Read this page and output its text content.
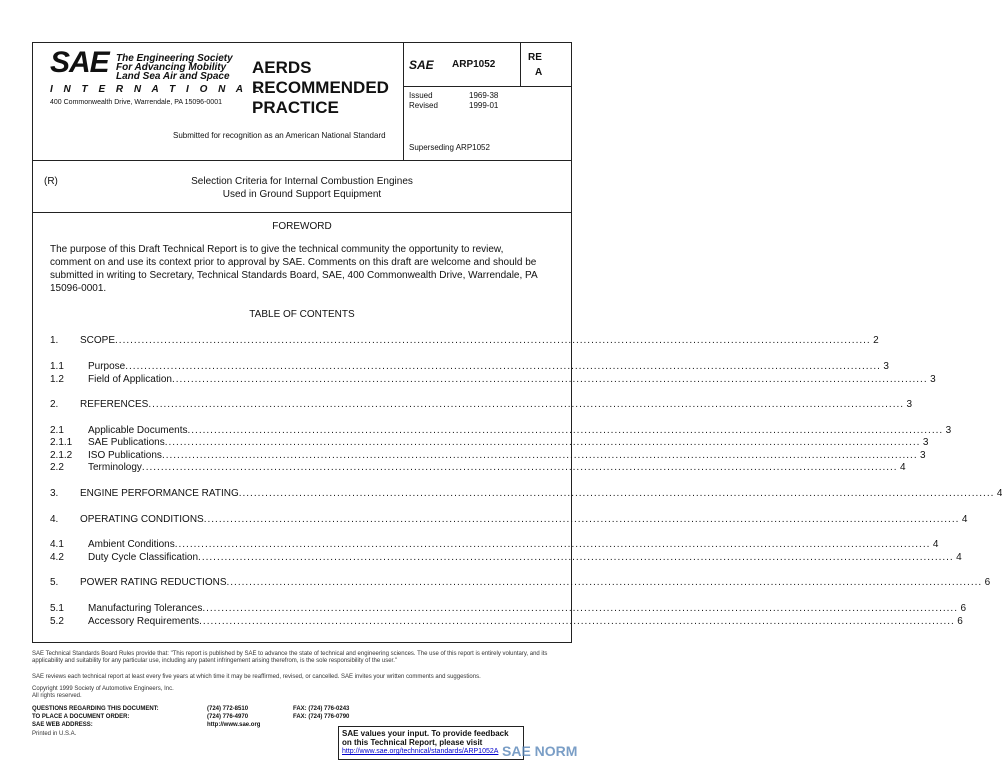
SAE The Engineering Society
For Advancing Mobility
Land Sea Air and Space
I N T E R N A T I O N A L
400 Commonwealth Drive, Warrendale, PA 15096-0001
AERDS
RECOMMENDED
PRACTICE
Submitted for recognition as an American National Standard
SAE ARP1052
RE
A
Issued	1969-38
Revised	1999-01
Superseding ARP1052
(R)	Selection Criteria for Internal Combustion Engines
Used in Ground Support Equipment
FOREWORD
The purpose of this Draft Technical Report is to give the technical community the opportunity to review, comment on and use its context prior to approval by SAE. Comments on this draft are welcome and should be submitted in writing to Secretary, Technical Standards Board, SAE, 400 Commonwealth Drive, Warrendale, PA 15096-0001.
TABLE OF CONTENTS
1.	SCOPE ........................................................................................................................................................................................................ 2
1.1	Purpose ........................................................................................................................................................................................................ 3
1.2	Field of Application ........................................................................................................................................................................................................ 3
2.	REFERENCES ........................................................................................................................................................................................................ 3
2.1	Applicable Documents ........................................................................................................................................................................................................ 3
2.1.1	SAE Publications ........................................................................................................................................................................................................ 3
2.1.2	ISO Publications ........................................................................................................................................................................................................ 3
2.2	Terminology ........................................................................................................................................................................................................ 4
3.	ENGINE PERFORMANCE RATING ........................................................................................................................................................................................................ 4
4.	OPERATING CONDITIONS ........................................................................................................................................................................................................ 4
4.1	Ambient Conditions ........................................................................................................................................................................................................ 4
4.2	Duty Cycle Classification ........................................................................................................................................................................................................ 4
5.	POWER RATING REDUCTIONS ........................................................................................................................................................................................................ 6
5.1	Manufacturing Tolerances ........................................................................................................................................................................................................ 6
5.2	Accessory Requirements ........................................................................................................................................................................................................ 6
SAE Technical Standards Board Rules provide that: "This report is published by SAE to advance the state of technical and engineering sciences. The use of this report is entirely voluntary, and its applicability and suitability for any particular use, including any patent infringement arising therefrom, is the sole responsibility of the user."
SAE reviews each technical report at least every five years at which time it may be reaffirmed, revised, or cancelled. SAE invites your written comments and suggestions.
Copyright 1999 Society of Automotive Engineers, Inc.
All rights reserved.
QUESTIONS REGARDING THIS DOCUMENT:	(724) 772-8510	FAX: (724) 776-0243
TO PLACE A DOCUMENT ORDER:	(724) 776-4970	FAX: (724) 776-0790
SAE WEB ADDRESS:	http://www.sae.org
Printed in U.S.A.	SAE values your input. To provide feedback
on this Technical Report, please visit
http://www.sae.org/technical/standards/ARP1052A SAE NORM
